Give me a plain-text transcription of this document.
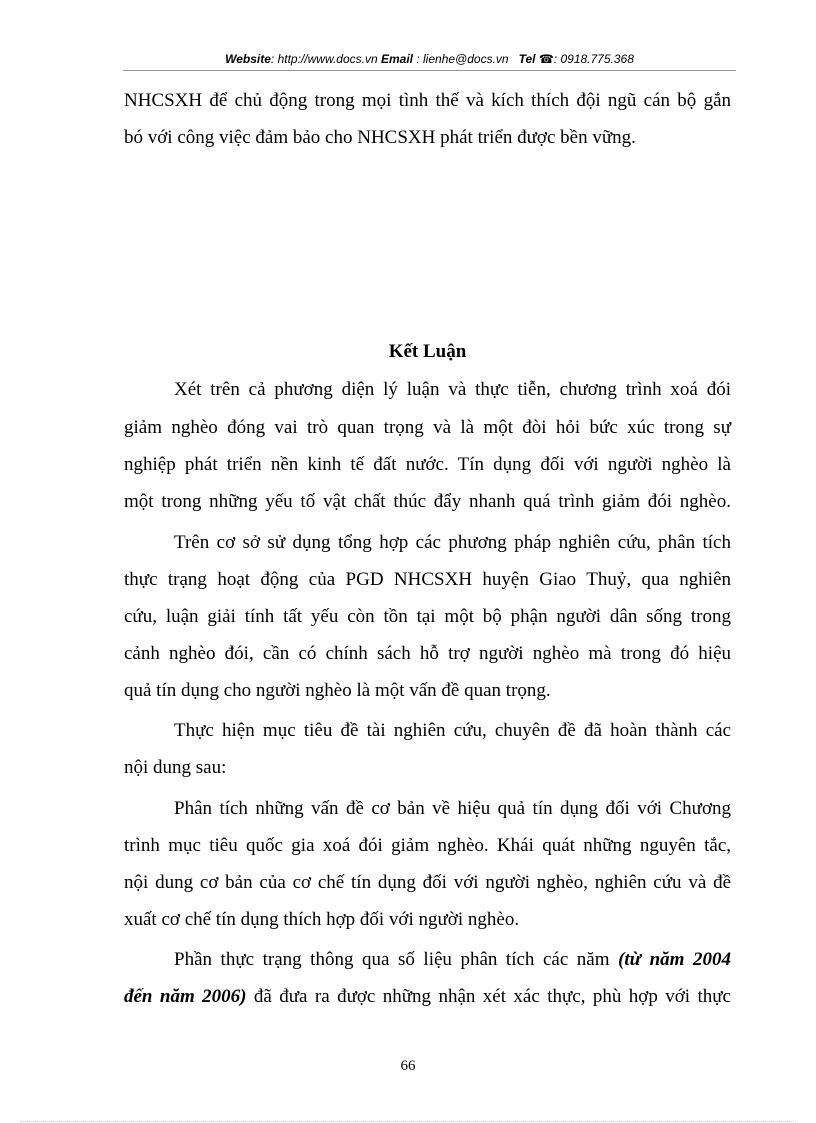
Website: http://www.docs.vn Email : lienhe@docs.vn Tel ☎: 0918.775.368
NHCSXH để chủ động trong mọi tình thế và kích thích đội ngũ cán bộ gắn
bó với công việc đảm bảo cho NHCSXH phát triển được bền vững.
Kết Luận
Xét trên cả phương diện lý luận và thực tiễn, chương trình xoá đói
giảm nghèo đóng vai trò quan trọng và là một đòi hỏi bức xúc trong sự
nghiệp phát triển nền kinh tế đất nước. Tín dụng đối với người nghèo là
một trong những yếu tố vật chất thúc đẩy nhanh quá trình giảm đói nghèo.
Trên cơ sở sử dụng tổng hợp các phương pháp nghiên cứu, phân tích
thực trạng hoạt động của PGD NHCSXH huyện Giao Thuỷ, qua nghiên
cứu, luận giải tính tất yếu còn tồn tại một bộ phận người dân sống trong
cảnh nghèo đói, cần có chính sách hỗ trợ người nghèo mà trong đó hiệu
quả tín dụng cho người nghèo là một vấn đề quan trọng.
Thực hiện mục tiêu đề tài nghiên cứu, chuyên đề đã hoàn thành các
nội dung sau:
Phân tích những vấn đề cơ bản về hiệu quả tín dụng đối với Chương
trình mục tiêu quốc gia xoá đói giảm nghèo. Khái quát những nguyên tắc,
nội dung cơ bản của cơ chế tín dụng đối với người nghèo, nghiên cứu và đề
xuất cơ chế tín dụng thích hợp đối với người nghèo.
Phần thực trạng thông qua số liệu phân tích các năm (từ năm 2004
đến năm 2006) đã đưa ra được những nhận xét xác thực, phù hợp với thực
66
